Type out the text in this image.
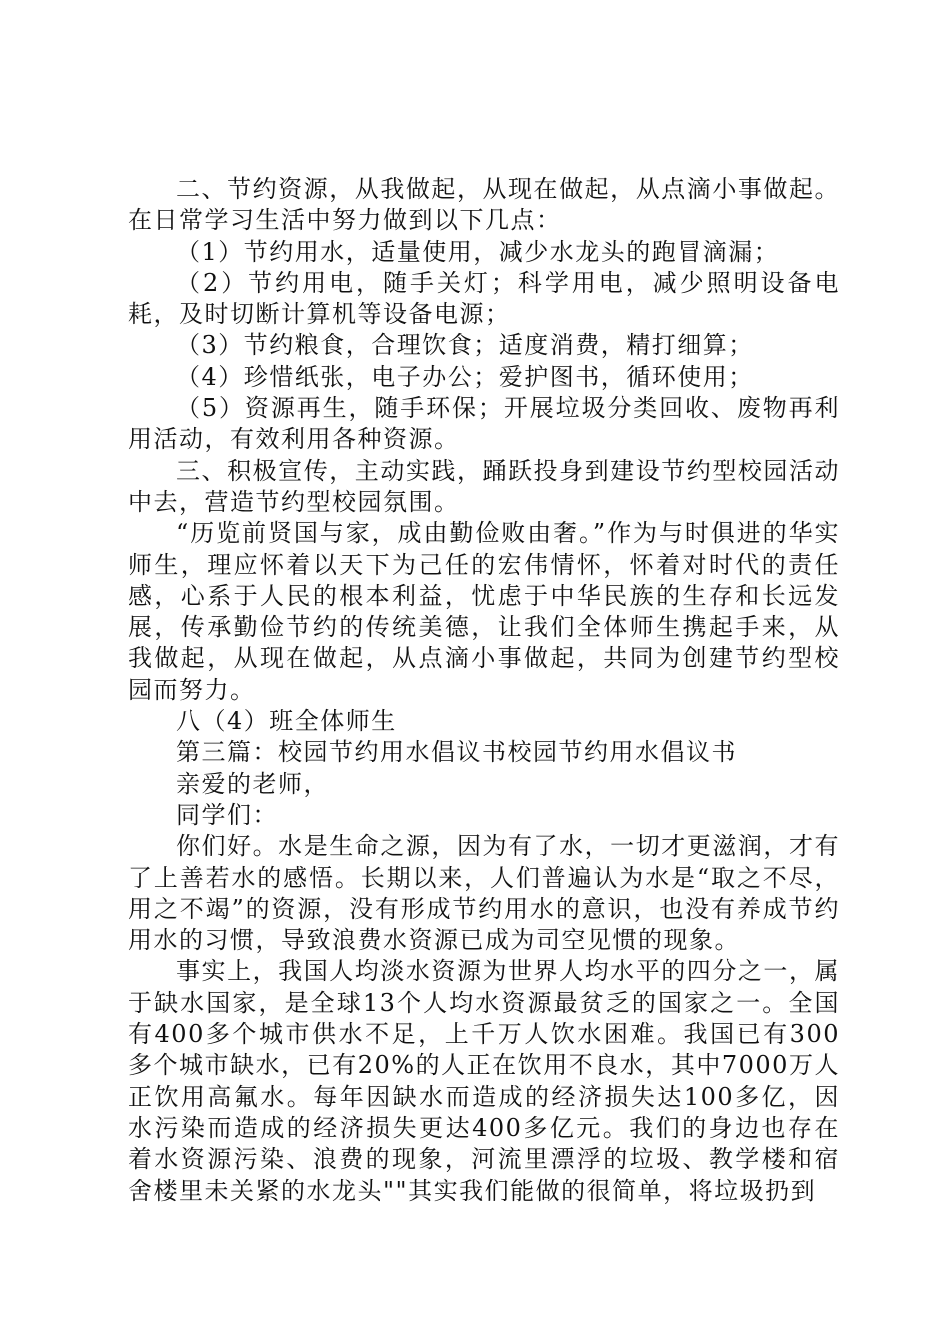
二、节约资源，从我做起，从现在做起，从点滴小事做起。在日常学习生活中努力做到以下几点：

（1）节约用水，适量使用，减少水龙头的跑冒滴漏；

（2）节约用电，随手关灯；科学用电，减少照明设备电耗，及时切断计算机等设备电源；

（3）节约粮食，合理饮食；适度消费，精打细算；

（4）珍惜纸张，电子办公；爱护图书，循环使用；

（5）资源再生，随手环保；开展垃圾分类回收、废物再利用活动，有效利用各种资源。

三、积极宣传，主动实践，踊跃投身到建设节约型校园活动中去，营造节约型校园氛围。

“历览前贤国与家，成由勤俭败由奢。”作为与时俱进的华实师生，理应怀着以天下为己任的宏伟情怀，怀着对时代的责任感，心系于人民的根本利益，忧虑于中华民族的生存和长远发展，传承勤俭节约的传统美德，让我们全体师生携起手来，从我做起，从现在做起，从点滴小事做起，共同为创建节约型校园而努力。

八（4）班全体师生

第三篇：校园节约用水倡议书校园节约用水倡议书

亲爱的老师，

同学们：

你们好。水是生命之源，因为有了水，一切才更滋润，才有了上善若水的感悟。长期以来，人们普遍认为水是“取之不尽，用之不竭”的资源，没有形成节约用水的意识，也没有养成节约用水的习惯，导致浪费水资源已成为司空见惯的现象。

事实上，我国人均淡水资源为世界人均水平的四分之一，属于缺水国家，是全球13个人均水资源最贫乏的国家之一。全国有400多个城市供水不足，上千万人饮水困难。我国已有300多个城市缺水，已有20%的人正在饮用不良水，其中7000万人正饮用高氟水。每年因缺水而造成的经济损失达100多亿，因水污染而造成的经济损失更达400多亿元。我们的身边也存在着水资源污染、浪费的现象，河流里漂浮的垃圾、教学楼和宿舍楼里未关紧的水龙头""其实我们能做的很简单，将垃圾扔到
